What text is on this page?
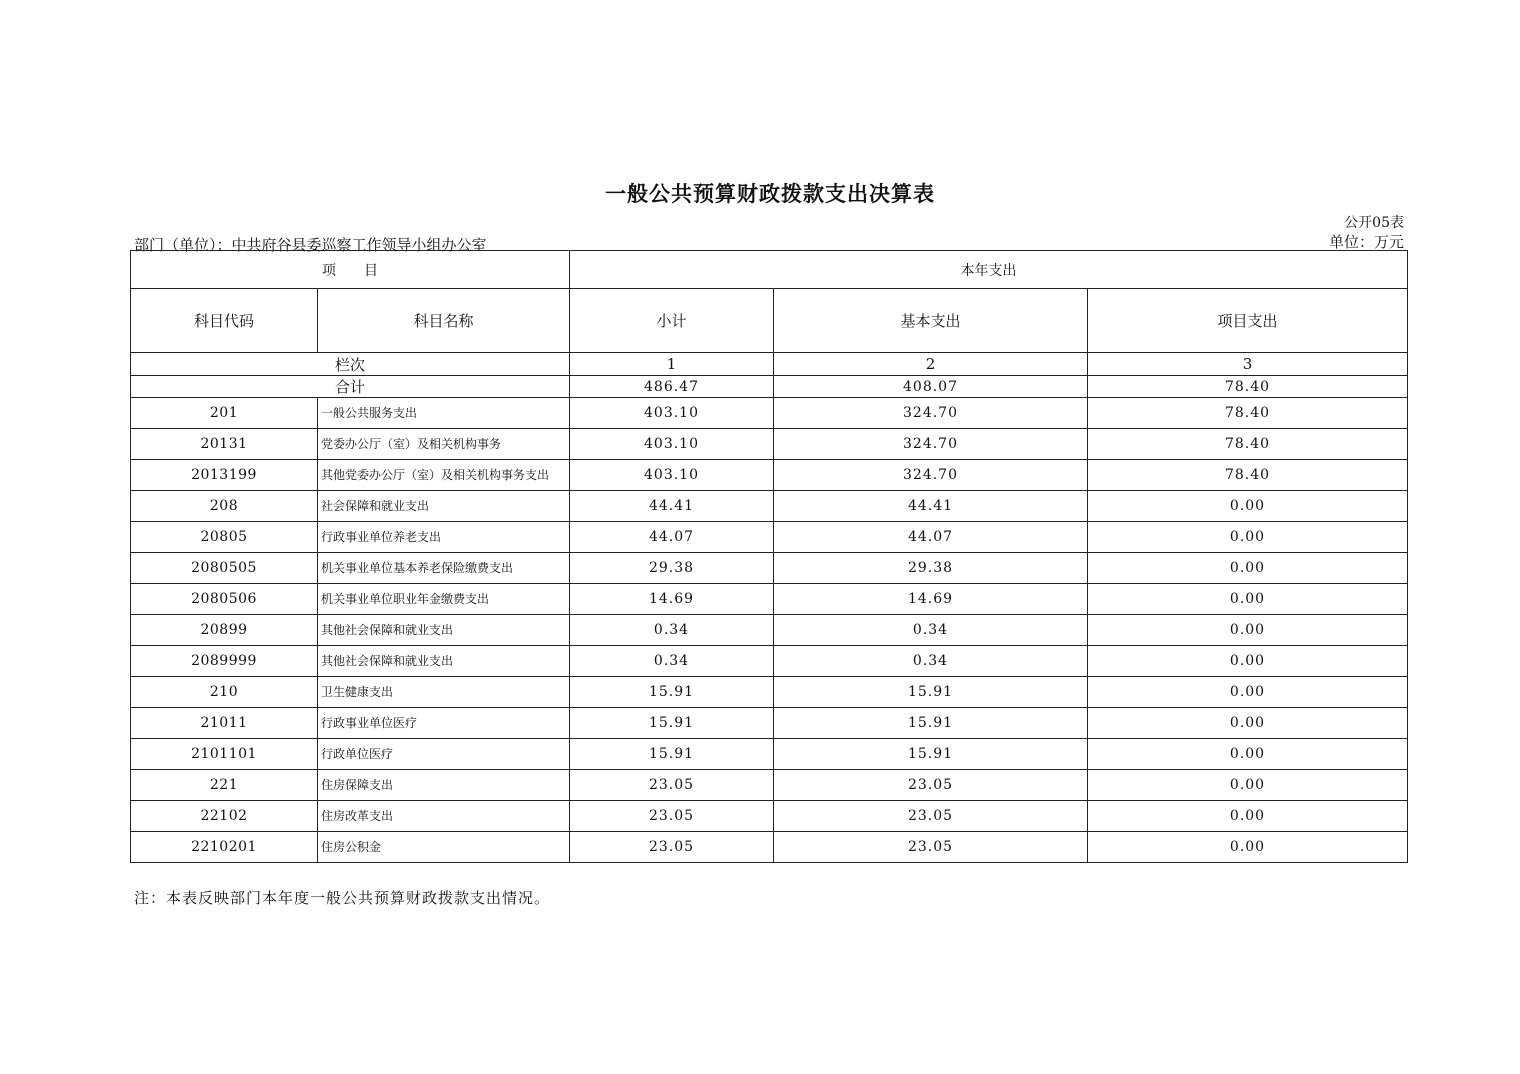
一般公共预算财政拨款支出决算表
公开05表
部门（单位）：中共府谷县委巡察工作领导小组办公室	单位：万元
项　　目		本年支出		
科目代码	科目名称	小计	基本支出	项目支出
栏次		1	2	3
合计		486.47	408.07	78.40
201	一般公共服务支出	403.10	324.70	78.40
20131	党委办公厅（室）及相关机构事务	403.10	324.70	78.40
2013199	其他党委办公厅（室）及相关机构事务支出	403.10	324.70	78.40
208	社会保障和就业支出	44.41	44.41	0.00
20805	行政事业单位养老支出	44.07	44.07	0.00
2080505	机关事业单位基本养老保险缴费支出	29.38	29.38	0.00
2080506	机关事业单位职业年金缴费支出	14.69	14.69	0.00
20899	其他社会保障和就业支出	0.34	0.34	0.00
2089999	其他社会保障和就业支出	0.34	0.34	0.00
210	卫生健康支出	15.91	15.91	0.00
21011	行政事业单位医疗	15.91	15.91	0.00
2101101	行政单位医疗	15.91	15.91	0.00
221	住房保障支出	23.05	23.05	0.00
22102	住房改革支出	23.05	23.05	0.00
2210201	住房公积金	23.05	23.05	0.00
注：本表反映部门本年度一般公共预算财政拨款支出情况。
